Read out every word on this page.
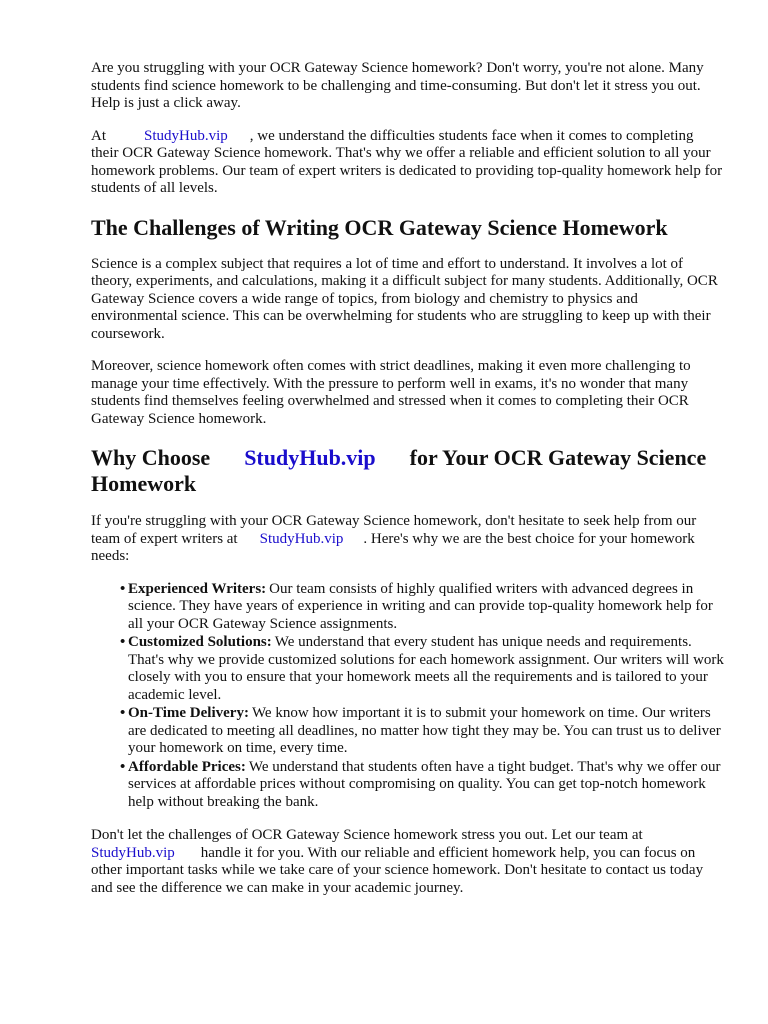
Are you struggling with your OCR Gateway Science homework? Don't worry, you're not alone. Many students find science homework to be challenging and time-consuming. But don't let it stress you out. Help is just a click away.

At	StudyHub.vip , we understand the difficulties students face when it comes to completing their OCR Gateway Science homework. That's why we offer a reliable and efficient solution to all your homework problems. Our team of expert writers is dedicated to providing top-quality homework help for students of all levels.

The Challenges of Writing OCR Gateway Science Homework

Science is a complex subject that requires a lot of time and effort to understand. It involves a lot of theory, experiments, and calculations, making it a difficult subject for many students. Additionally, OCR Gateway Science covers a wide range of topics, from biology and chemistry to physics and environmental science. This can be overwhelming for students who are struggling to keep up with their coursework.

Moreover, science homework often comes with strict deadlines, making it even more challenging to manage your time effectively. With the pressure to perform well in exams, it's no wonder that many students find themselves feeling overwhelmed and stressed when it comes to completing their OCR Gateway Science homework.

Why Choose StudyHub.vip for Your OCR Gateway Science Homework

If you're struggling with your OCR Gateway Science homework, don't hesitate to seek help from our team of expert writers at StudyHub.vip . Here's why we are the best choice for your homework needs:

• Experienced Writers: Our team consists of highly qualified writers with advanced degrees in science. They have years of experience in writing and can provide top-quality homework help for all your OCR Gateway Science assignments.
• Customized Solutions: We understand that every student has unique needs and requirements. That's why we provide customized solutions for each homework assignment. Our writers will work closely with you to ensure that your homework meets all the requirements and is tailored to your academic level.
• On-Time Delivery: We know how important it is to submit your homework on time. Our writers are dedicated to meeting all deadlines, no matter how tight they may be. You can trust us to deliver your homework on time, every time.
• Affordable Prices: We understand that students often have a tight budget. That's why we offer our services at affordable prices without compromising on quality. You can get top-notch homework help without breaking the bank.

Don't let the challenges of OCR Gateway Science homework stress you out. Let our team at StudyHub.vip handle it for you. With our reliable and efficient homework help, you can focus on other important tasks while we take care of your science homework. Don't hesitate to contact us today and see the difference we can make in your academic journey.
